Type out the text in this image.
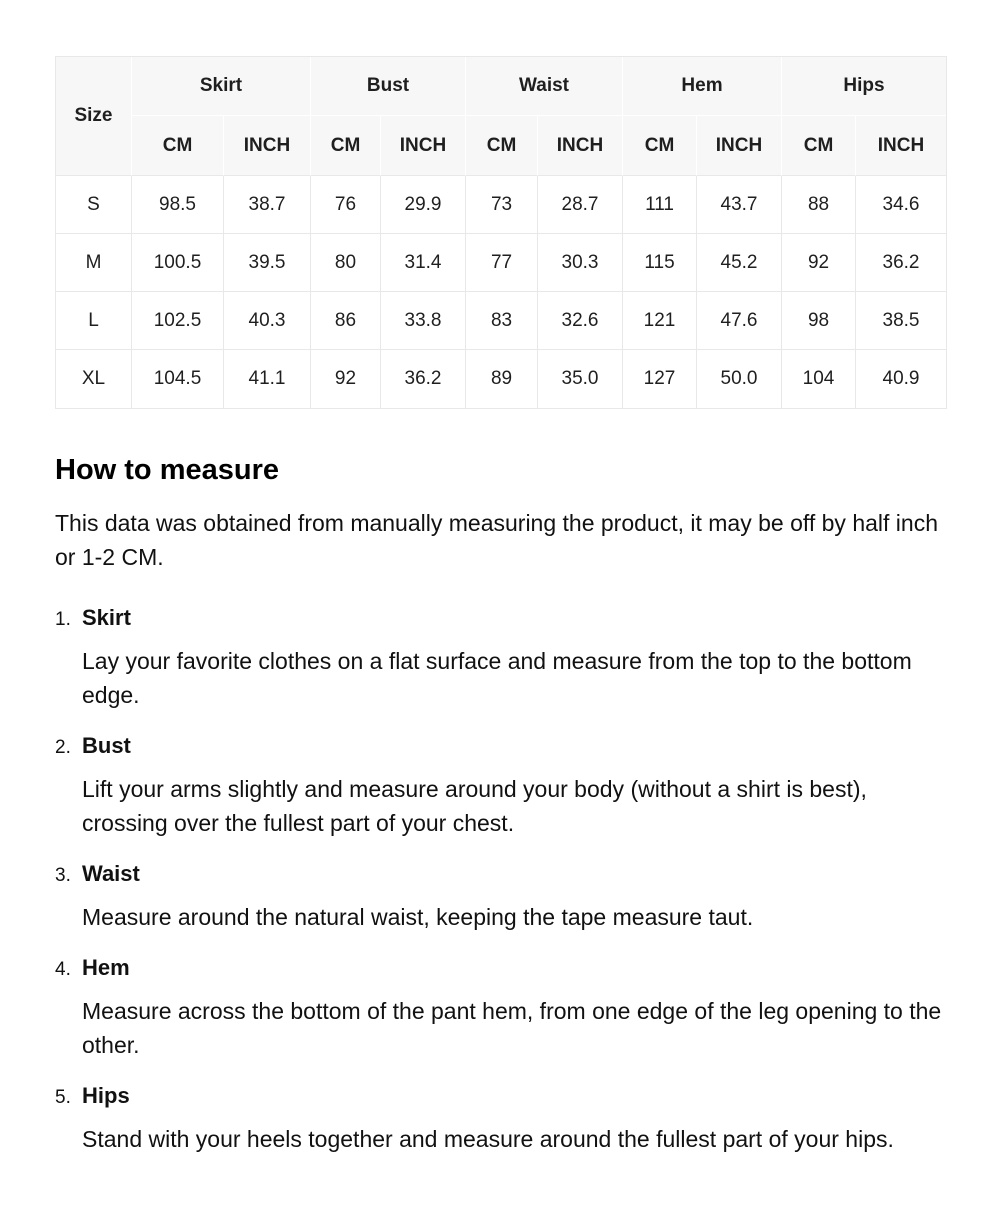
Size	Skirt		Bust		Waist		Hem		Hips	
	CM	INCH	CM	INCH	CM	INCH	CM	INCH	CM	INCH
S	98.5	38.7	76	29.9	73	28.7	111	43.7	88	34.6
M	100.5	39.5	80	31.4	77	30.3	115	45.2	92	36.2
L	102.5	40.3	86	33.8	83	32.6	121	47.6	98	38.5
XL	104.5	41.1	92	36.2	89	35.0	127	50.0	104	40.9
How to measure

This data was obtained from manually measuring the product, it may be off by half inch or 1-2 CM.

1. Skirt

Lay your favorite clothes on a flat surface and measure from the top to the bottom edge.

2. Bust

Lift your arms slightly and measure around your body (without a shirt is best), crossing over the fullest part of your chest.

3. Waist

Measure around the natural waist, keeping the tape measure taut.

4. Hem

Measure across the bottom of the pant hem, from one edge of the leg opening to the other.

5. Hips

Stand with your heels together and measure around the fullest part of your hips.
